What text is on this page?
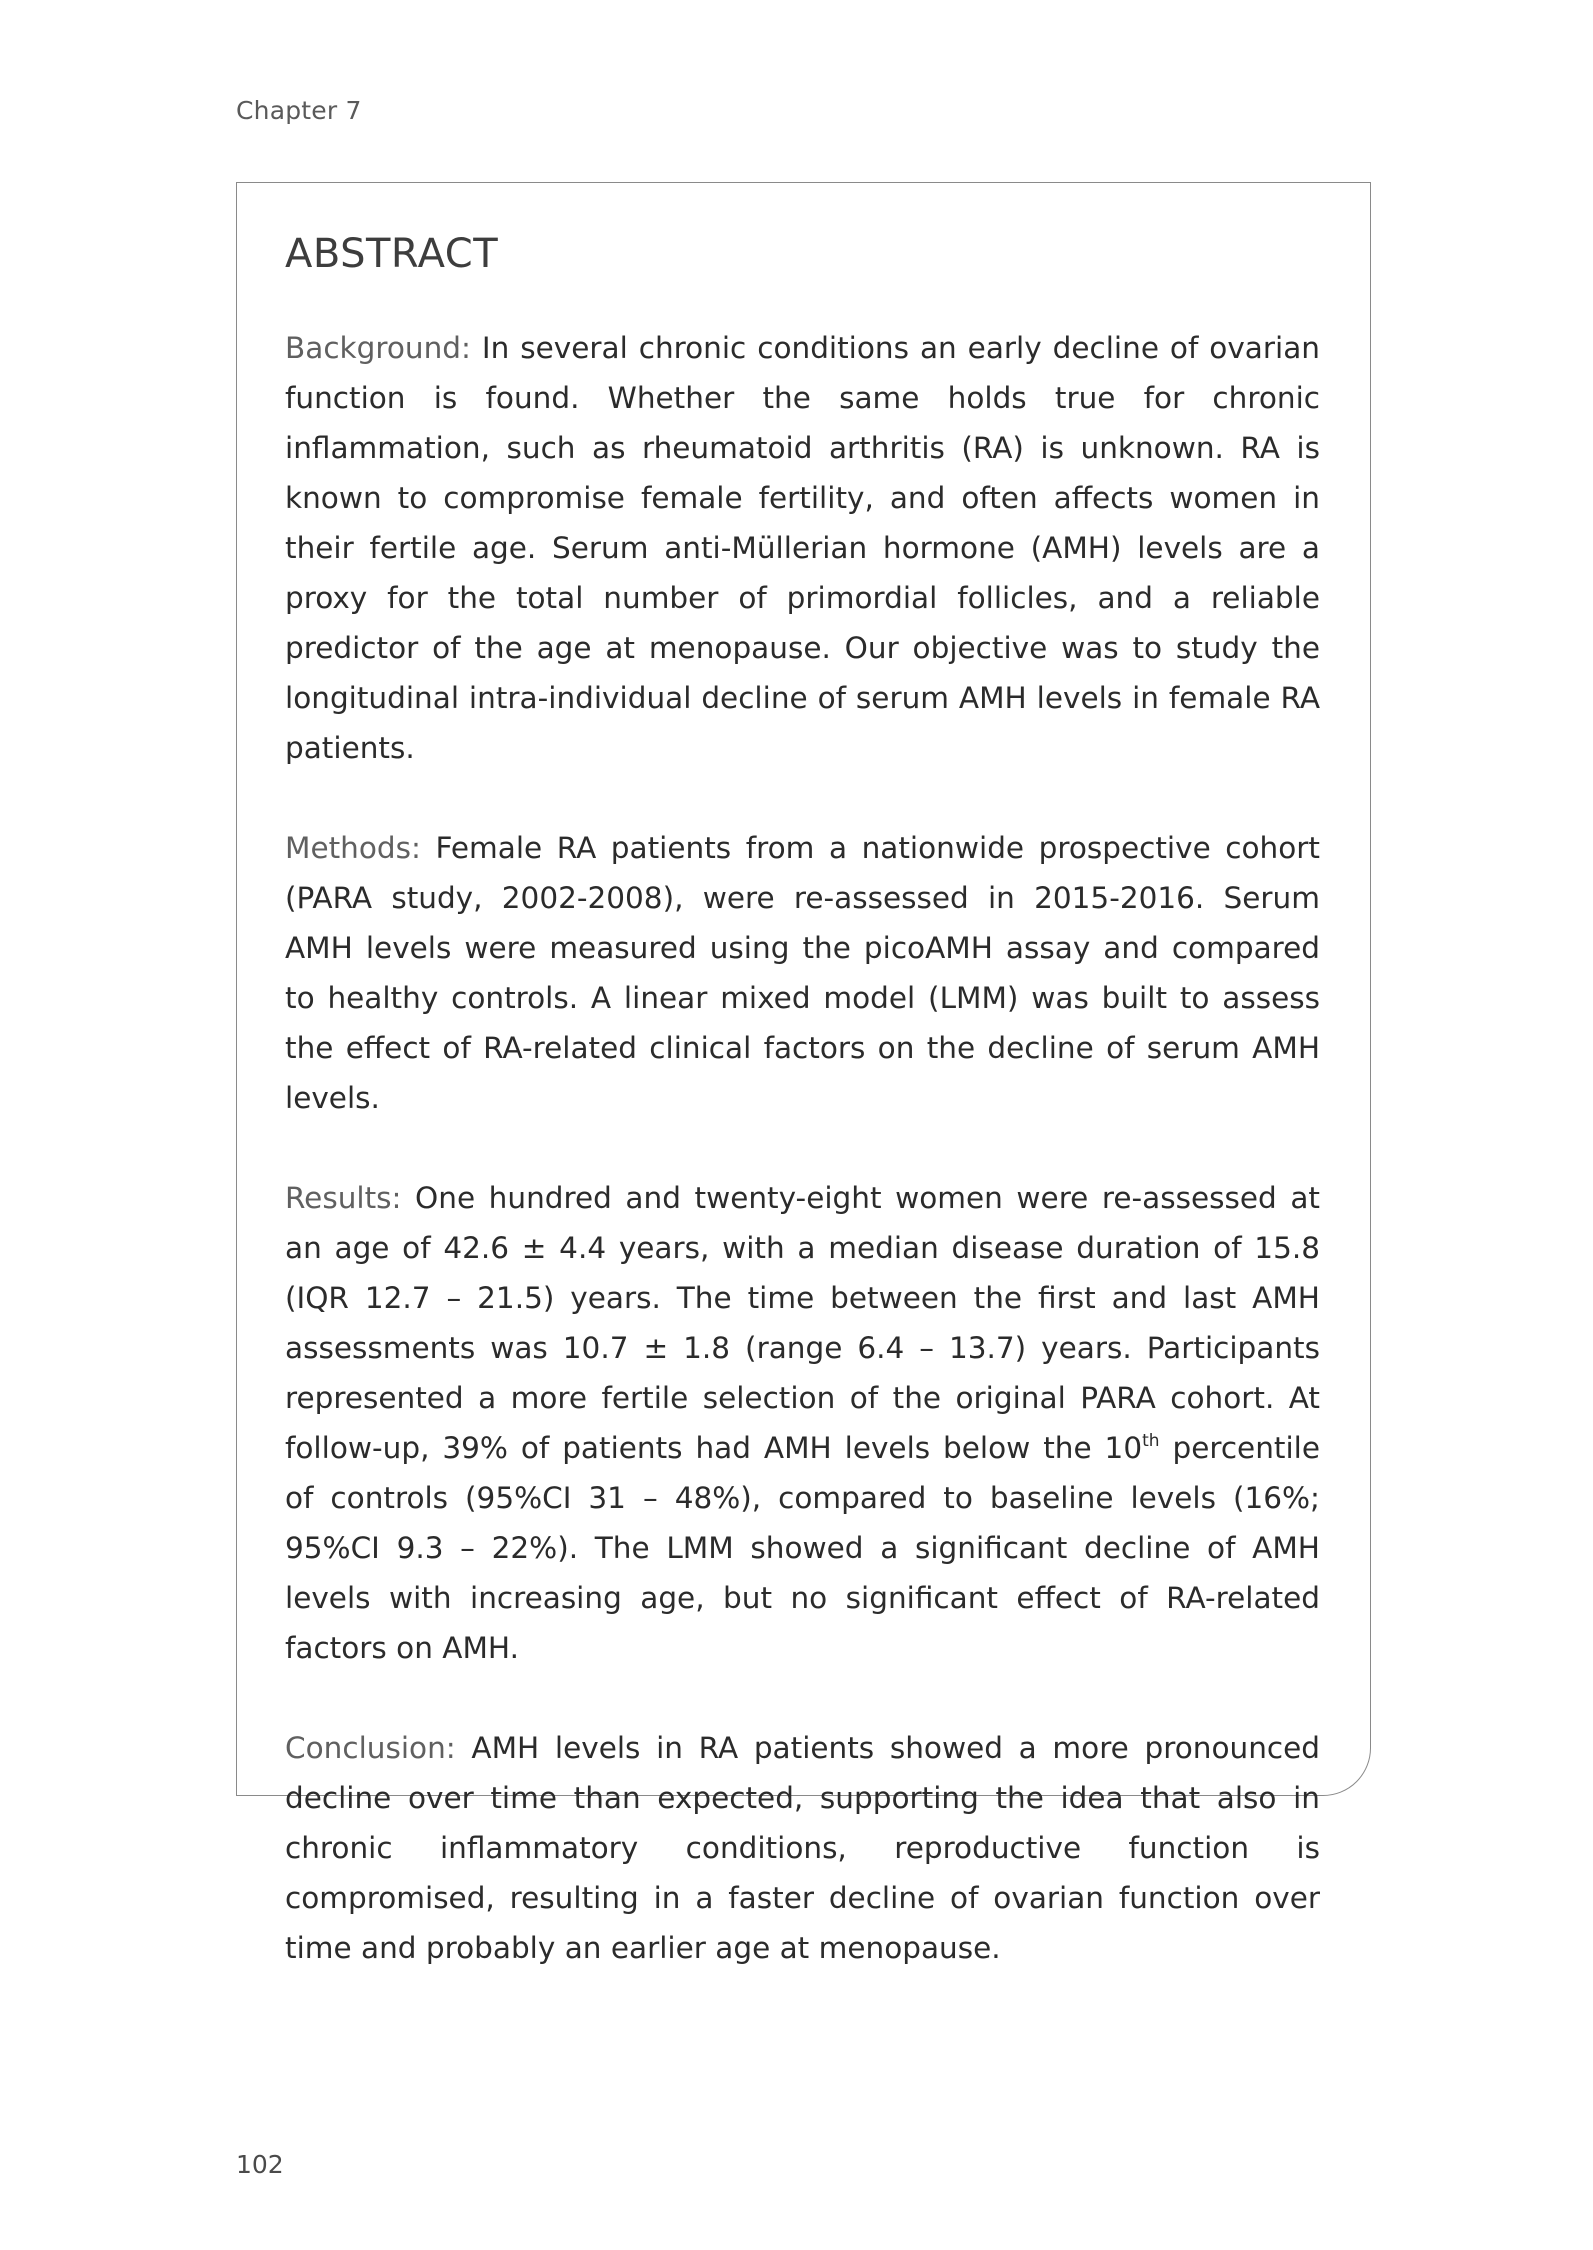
Chapter 7
ABSTRACT

Background: In several chronic conditions an early decline of ovarian function is found. Whether the same holds true for chronic inflammation, such as rheumatoid arthritis (RA) is unknown. RA is known to compromise female fertility, and often affects women in their fertile age. Serum anti-Müllerian hormone (AMH) levels are a proxy for the total number of primordial follicles, and a reliable predictor of the age at menopause. Our objective was to study the longitudinal intra-individual decline of serum AMH levels in female RA patients.

Methods: Female RA patients from a nationwide prospective cohort (PARA study, 2002-2008), were re-assessed in 2015-2016. Serum AMH levels were measured using the picoAMH assay and compared to healthy controls. A linear mixed model (LMM) was built to assess the effect of RA-related clinical factors on the decline of serum AMH levels.

Results: One hundred and twenty-eight women were re-assessed at an age of 42.6 ± 4.4 years, with a median disease duration of 15.8 (IQR 12.7 – 21.5) years. The time between the first and last AMH assessments was 10.7 ± 1.8 (range 6.4 – 13.7) years. Participants represented a more fertile selection of the original PARA cohort. At follow-up, 39% of patients had AMH levels below the 10th percentile of controls (95%CI 31 – 48%), compared to baseline levels (16%; 95%CI 9.3 – 22%). The LMM showed a significant decline of AMH levels with increasing age, but no significant effect of RA-related factors on AMH.

Conclusion: AMH levels in RA patients showed a more pronounced decline over time than expected, supporting the idea that also in chronic inflammatory conditions, reproductive function is compromised, resulting in a faster decline of ovarian function over time and probably an earlier age at menopause.

102
